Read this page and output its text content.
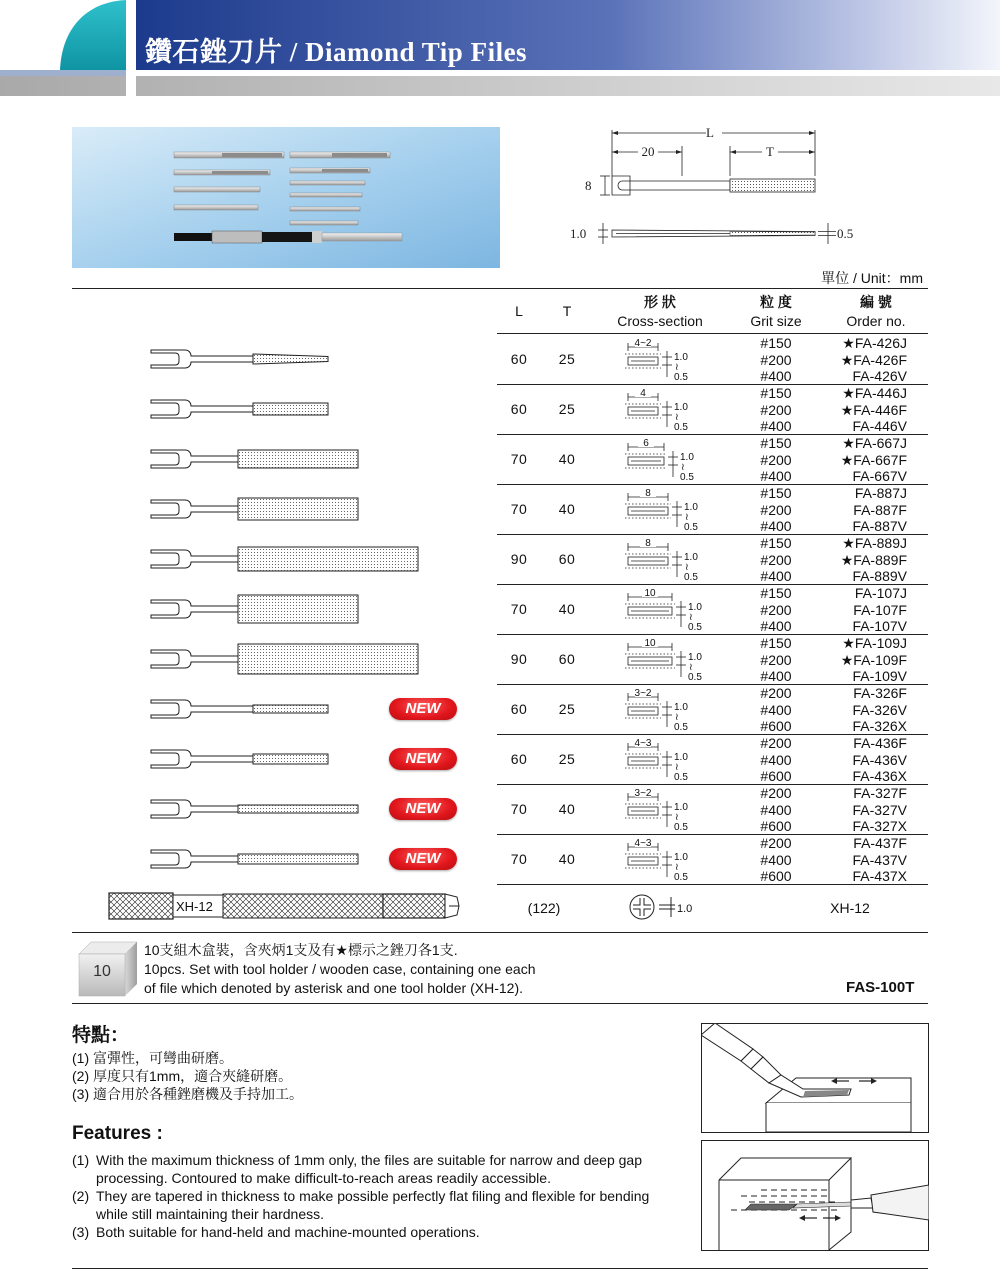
鑽石銼刀片 / Diamond Tip Files
L
20	T
8
1.0	0.5
單位 / Unit：mm
L	T
形 狀
Cross-section
粒 度
Grit size
編 號
Order no.
60	25
4~2
1.0
≀
0.5
#150	★FA-426J
#200	★FA-426F
#400	FA-426V
60	25
4
1.0
≀
0.5
#150	★FA-446J
#200	★FA-446F
#400	FA-446V
70	40
6
1.0
≀
0.5
#150	★FA-667J
#200	★FA-667F
#400	FA-667V
70	40
8
1.0
≀
0.5
#150	FA-887J
#200	FA-887F
#400	FA-887V
90	60
8
1.0
≀
0.5
#150	★FA-889J
#200	★FA-889F
#400	FA-889V
70	40
10
1.0
≀
0.5
#150	FA-107J
#200	FA-107F
#400	FA-107V
90	60
10
1.0
≀
0.5
#150	★FA-109J
#200	★FA-109F
#400	FA-109V
NEW	60	25
3~2
1.0
≀
0.5
#200	FA-326F
#400	FA-326V
#600	FA-326X
NEW	60	25
4~3
1.0
≀
0.5
#200	FA-436F
#400	FA-436V
#600	FA-436X
NEW	70	40
3~2
1.0
≀
0.5
#200	FA-327F
#400	FA-327V
#600	FA-327X
NEW	70	40
4~3
1.0
≀
0.5
#200	FA-437F
#400	FA-437V
#600	FA-437X
XH-12	(122)	1.0	XH-12
10
10支組木盒裝，含夾炳1支及有★標示之銼刀各1支.
10pcs. Set with tool holder / wooden case, containing one each
of file which denoted by asterisk and one tool holder (XH-12).	FAS-100T
特點：
(1) 富彈性，可彎曲研磨。
(2) 厚度只有1mm，適合夾縫研磨。
(3) 適合用於各種銼磨機及手持加工。
Features :
(1) With the maximum thickness of 1mm only, the files are suitable for narrow and deep gap processing. Contoured to make difficult-to-reach areas readily accessible.
(2) They are tapered in thickness to make possible perfectly flat filing and flexible for bending while still maintaining their hardness.
(3) Both suitable for hand-held and machine-mounted operations.
